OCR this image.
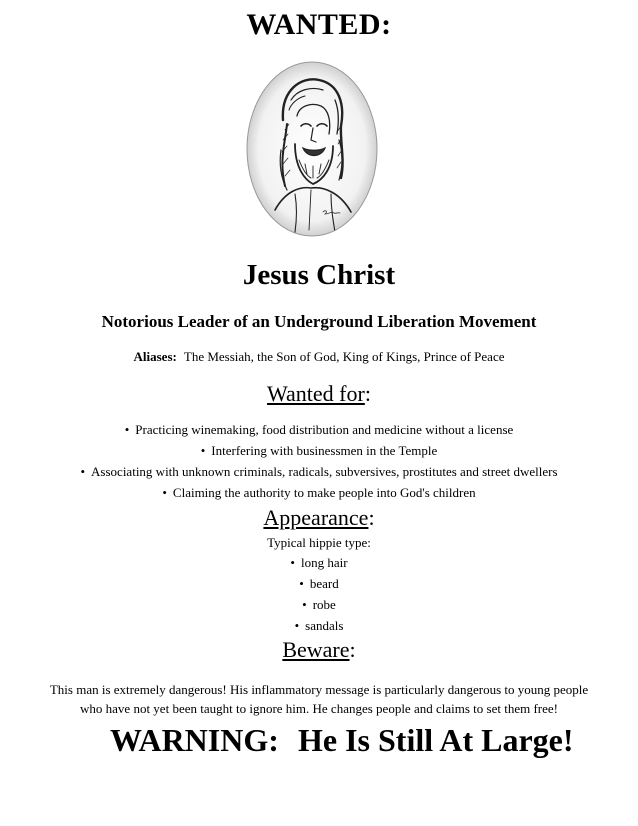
WANTED:
Jesus Christ
Notorious Leader of an Underground Liberation Movement
Aliases: The Messiah, the Son of God, King of Kings, Prince of Peace
Wanted for:
• Practicing winemaking, food distribution and medicine without a license
• Interfering with businessmen in the Temple
• Associating with unknown criminals, radicals, subversives, prostitutes and street dwellers
• Claiming the authority to make people into God's children
Appearance:
Typical hippie type:
• long hair
• beard
• robe
• sandals
Beware:
This man is extremely dangerous! His inflammatory message is particularly dangerous to young people who have not yet been taught to ignore him. He changes people and claims to set them free!
WARNING: He Is Still At Large!
